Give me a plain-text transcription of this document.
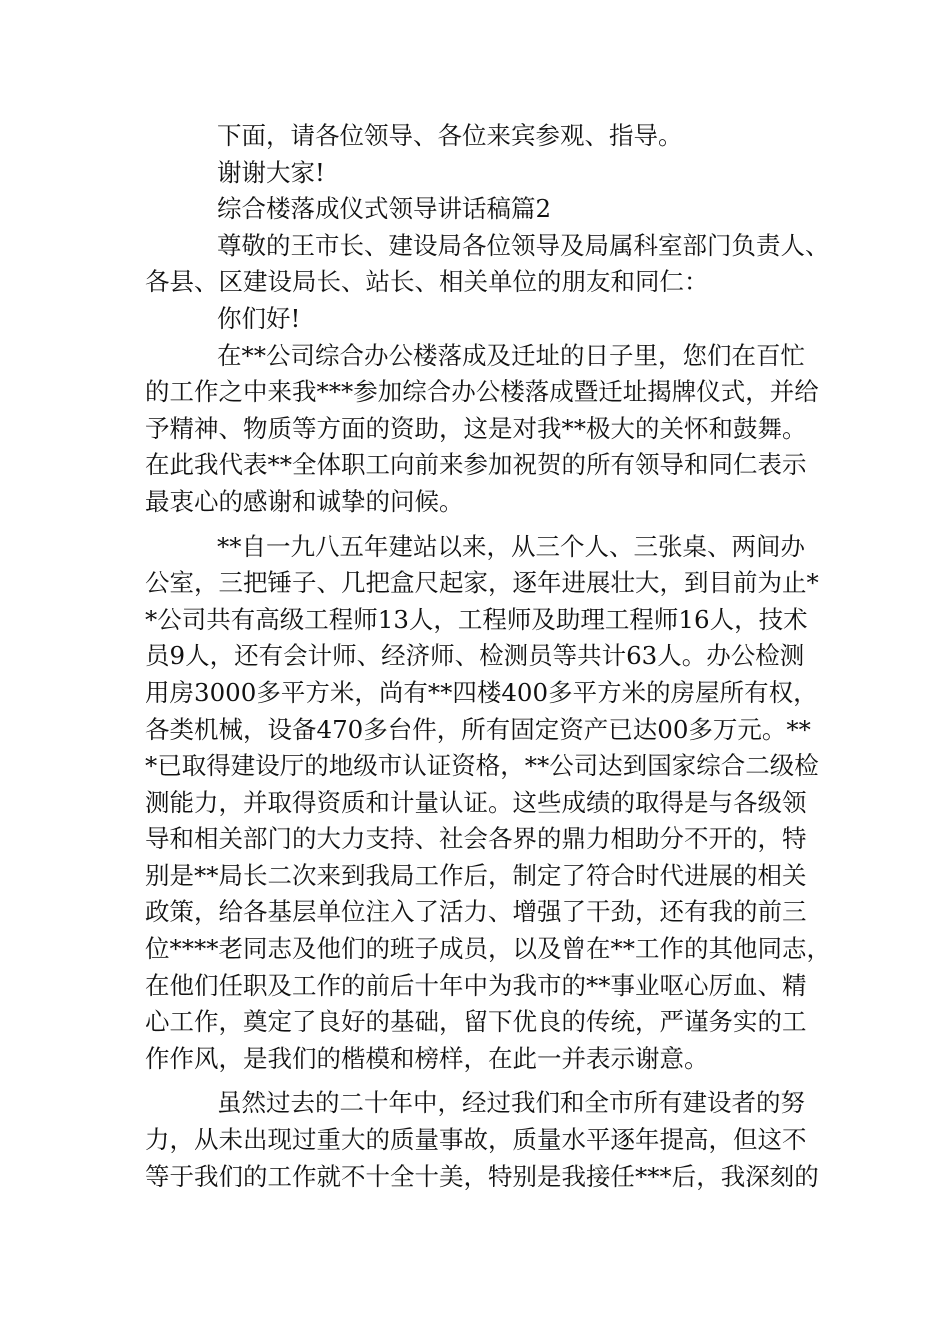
下面，请各位领导、各位来宾参观、指导。
谢谢大家!
综合楼落成仪式领导讲话稿篇2
尊敬的王市长、建设局各位领导及局属科室部门负责人、
各县、区建设局长、站长、相关单位的朋友和同仁：
你们好!
在**公司综合办公楼落成及迁址的日子里，您们在百忙
的工作之中来我***参加综合办公楼落成暨迁址揭牌仪式，并给
予精神、物质等方面的资助，这是对我**极大的关怀和鼓舞。
在此我代表**全体职工向前来参加祝贺的所有领导和同仁表示
最衷心的感谢和诚挚的问候。
**自一九八五年建站以来，从三个人、三张桌、两间办
公室，三把锤子、几把盒尺起家，逐年进展壮大，到目前为止*
*公司共有高级工程师13人，工程师及助理工程师16人，技术
员9人，还有会计师、经济师、检测员等共计63人。办公检测
用房3000多平方米，尚有**四楼400多平方米的房屋所有权，
各类机械，设备470多台件，所有固定资产已达00多万元。**
*已取得建设厅的地级市认证资格，**公司达到国家综合二级检
测能力，并取得资质和计量认证。这些成绩的取得是与各级领
导和相关部门的大力支持、社会各界的鼎力相助分不开的，特
别是**局长二次来到我局工作后，制定了符合时代进展的相关
政策，给各基层单位注入了活力、增强了干劲，还有我的前三
位****老同志及他们的班子成员，以及曾在**工作的其他同志，
在他们任职及工作的前后十年中为我市的**事业呕心厉血、精
心工作，奠定了良好的基础，留下优良的传统，严谨务实的工
作作风，是我们的楷模和榜样，在此一并表示谢意。
虽然过去的二十年中，经过我们和全市所有建设者的努
力，从未出现过重大的质量事故，质量水平逐年提高，但这不
等于我们的工作就不十全十美，特别是我接任***后，我深刻的
